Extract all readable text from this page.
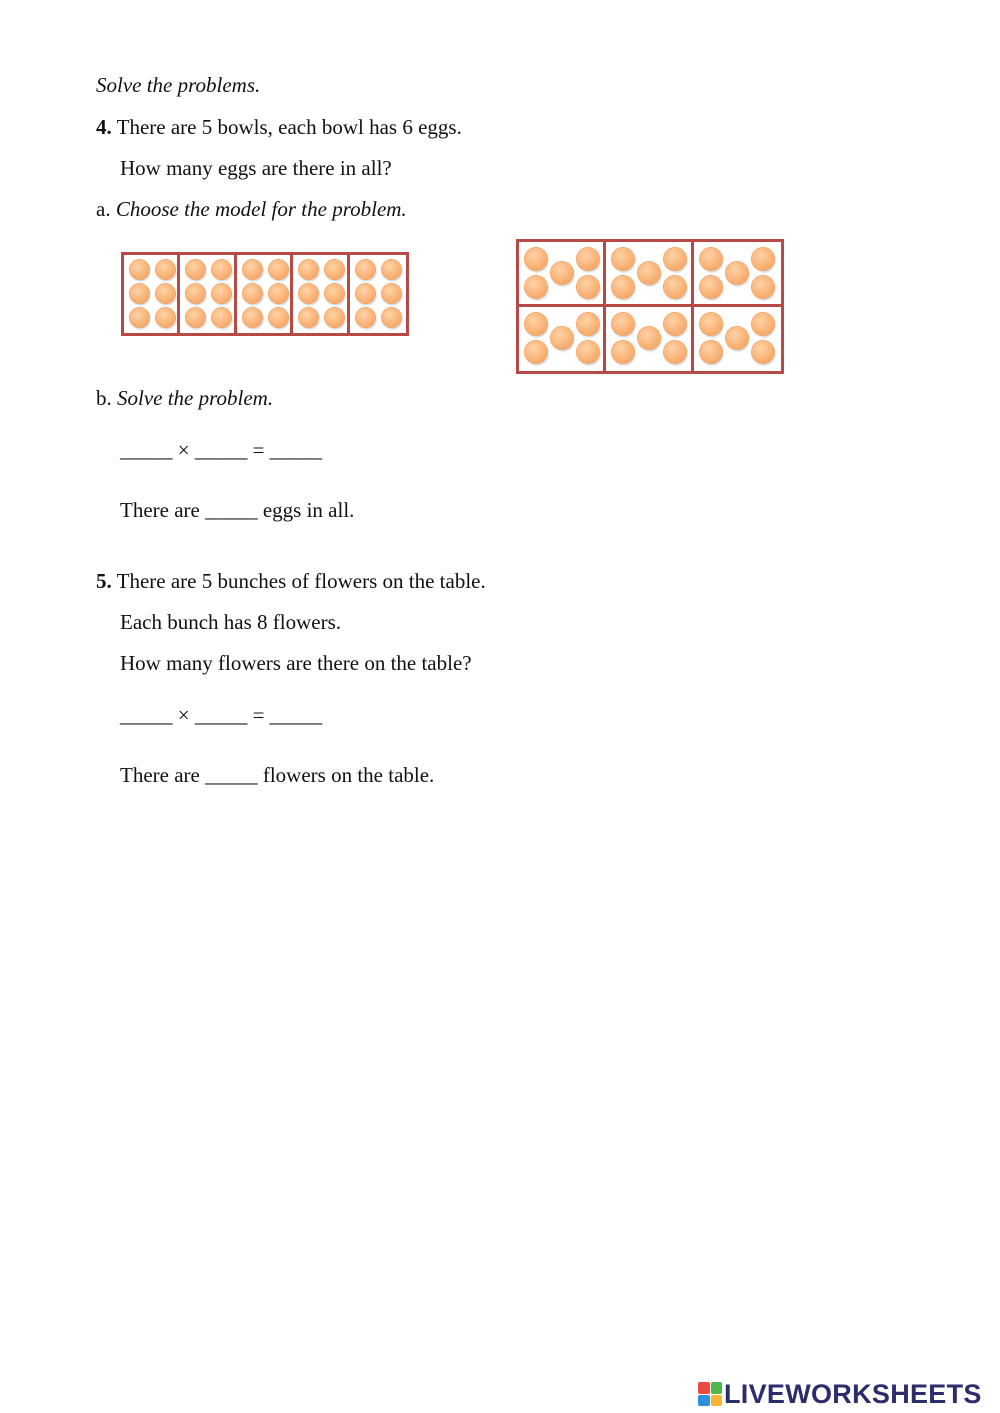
Solve the problems.
4. There are 5 bowls, each bowl has 6 eggs.
How many eggs are there in all?
a. Choose the model for the problem.
b. Solve the problem.
_____ × _____ = _____
There are _____ eggs in all.
5. There are 5 bunches of flowers on the table.
Each bunch has 8 flowers.
How many flowers are there on the table?
_____ × _____ = _____
There are _____ flowers on the table.
LIVEWORKSHEETS
